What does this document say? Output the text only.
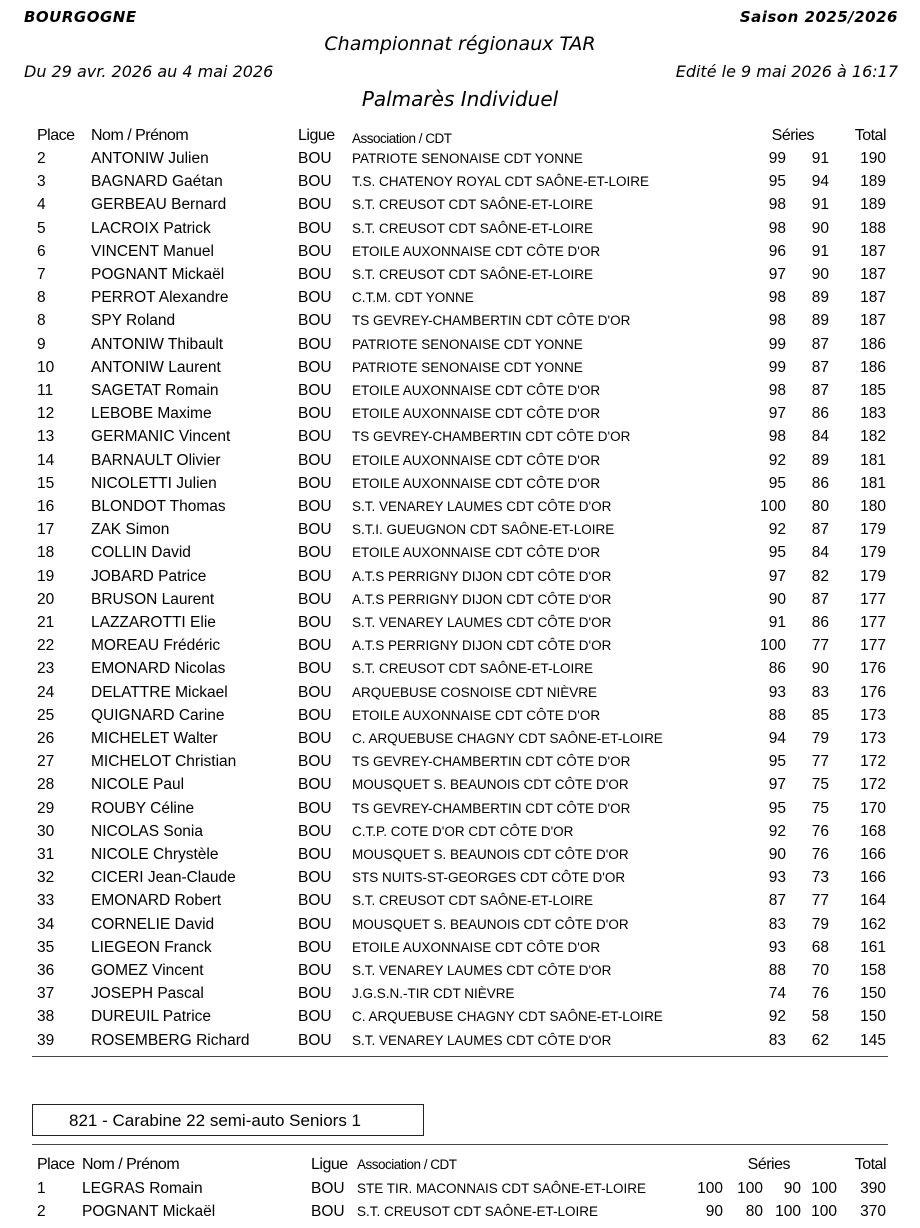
BOURGOGNE	Saison 2025/2026
Championnat régionaux TAR
Du 29 avr. 2026 au 4 mai 2026	Edité le 9 mai 2026 à 16:17
Palmarès Individuel
Place Nom / Prénom	Ligue Association / CDT	Séries	Total
2	ANTONIW Julien	BOU PATRIOTE SENONAISE CDT YONNE	99 91 190
3	BAGNARD Gaétan	BOU T.S. CHATENOY ROYAL CDT SAÔNE-ET-LOIRE	95 94 189
4	GERBEAU Bernard	BOU S.T. CREUSOT CDT SAÔNE-ET-LOIRE	98 91 189
5	LACROIX Patrick	BOU S.T. CREUSOT CDT SAÔNE-ET-LOIRE	98 90 188
6	VINCENT Manuel	BOU ETOILE AUXONNAISE CDT CÔTE D'OR	96 91 187
7	POGNANT Mickaël	BOU S.T. CREUSOT CDT SAÔNE-ET-LOIRE	97 90 187
8	PERROT Alexandre	BOU C.T.M. CDT YONNE	98 89 187
8	SPY Roland	BOU TS GEVREY-CHAMBERTIN CDT CÔTE D'OR	98 89 187
9	ANTONIW Thibault	BOU PATRIOTE SENONAISE CDT YONNE	99 87 186
10 ANTONIW Laurent	BOU PATRIOTE SENONAISE CDT YONNE	99 87 186
11 SAGETAT Romain	BOU ETOILE AUXONNAISE CDT CÔTE D'OR	98 87 185
12 LEBOBE Maxime	BOU ETOILE AUXONNAISE CDT CÔTE D'OR	97 86 183
13 GERMANIC Vincent	BOU TS GEVREY-CHAMBERTIN CDT CÔTE D'OR	98 84 182
14 BARNAULT Olivier	BOU ETOILE AUXONNAISE CDT CÔTE D'OR	92 89 181
15 NICOLETTI Julien	BOU ETOILE AUXONNAISE CDT CÔTE D'OR	95 86 181
16 BLONDOT Thomas	BOU S.T. VENAREY LAUMES CDT CÔTE D'OR	100 80 180
17 ZAK Simon	BOU S.T.I. GUEUGNON CDT SAÔNE-ET-LOIRE	92 87 179
18 COLLIN David	BOU ETOILE AUXONNAISE CDT CÔTE D'OR	95 84 179
19 JOBARD Patrice	BOU A.T.S PERRIGNY DIJON CDT CÔTE D'OR	97 82 179
20 BRUSON Laurent	BOU A.T.S PERRIGNY DIJON CDT CÔTE D'OR	90 87 177
21 LAZZAROTTI Elie	BOU S.T. VENAREY LAUMES CDT CÔTE D'OR	91 86 177
22 MOREAU Frédéric	BOU A.T.S PERRIGNY DIJON CDT CÔTE D'OR	100 77 177
23 EMONARD Nicolas	BOU S.T. CREUSOT CDT SAÔNE-ET-LOIRE	86 90 176
24 DELATTRE Mickael	BOU ARQUEBUSE COSNOISE CDT NIÈVRE	93 83 176
25 QUIGNARD Carine	BOU ETOILE AUXONNAISE CDT CÔTE D'OR	88 85 173
26 MICHELET Walter	BOU C. ARQUEBUSE CHAGNY CDT SAÔNE-ET-LOIRE	94 79 173
27 MICHELOT Christian	BOU TS GEVREY-CHAMBERTIN CDT CÔTE D'OR	95 77 172
28 NICOLE Paul	BOU MOUSQUET S. BEAUNOIS CDT CÔTE D'OR	97 75 172
29 ROUBY Céline	BOU TS GEVREY-CHAMBERTIN CDT CÔTE D'OR	95 75 170
30 NICOLAS Sonia	BOU C.T.P. COTE D'OR CDT CÔTE D'OR	92 76 168
31 NICOLE Chrystèle	BOU MOUSQUET S. BEAUNOIS CDT CÔTE D'OR	90 76 166
32 CICERI Jean-Claude	BOU STS NUITS-ST-GEORGES CDT CÔTE D'OR	93 73 166
33 EMONARD Robert	BOU S.T. CREUSOT CDT SAÔNE-ET-LOIRE	87 77 164
34 CORNELIE David	BOU MOUSQUET S. BEAUNOIS CDT CÔTE D'OR	83 79 162
35 LIEGEON Franck	BOU ETOILE AUXONNAISE CDT CÔTE D'OR	93 68 161
36 GOMEZ Vincent	BOU S.T. VENAREY LAUMES CDT CÔTE D'OR	88 70 158
37 JOSEPH Pascal	BOU J.G.S.N.-TIR CDT NIÈVRE	74 76 150
38 DUREUIL Patrice	BOU C. ARQUEBUSE CHAGNY CDT SAÔNE-ET-LOIRE	92 58 150
39 ROSEMBERG Richard	BOU S.T. VENAREY LAUMES CDT CÔTE D'OR	83 62 145
821 - Carabine 22 semi-auto Seniors 1
Place Nom / Prénom	Ligue Association / CDT	Séries	Total
1 LEGRAS Romain	BOU STE TIR. MACONNAIS CDT SAÔNE-ET-LOIRE	100 100 90 100 390
2 POGNANT Mickaël	BOU S.T. CREUSOT CDT SAÔNE-ET-LOIRE	90 80 100 100 370
